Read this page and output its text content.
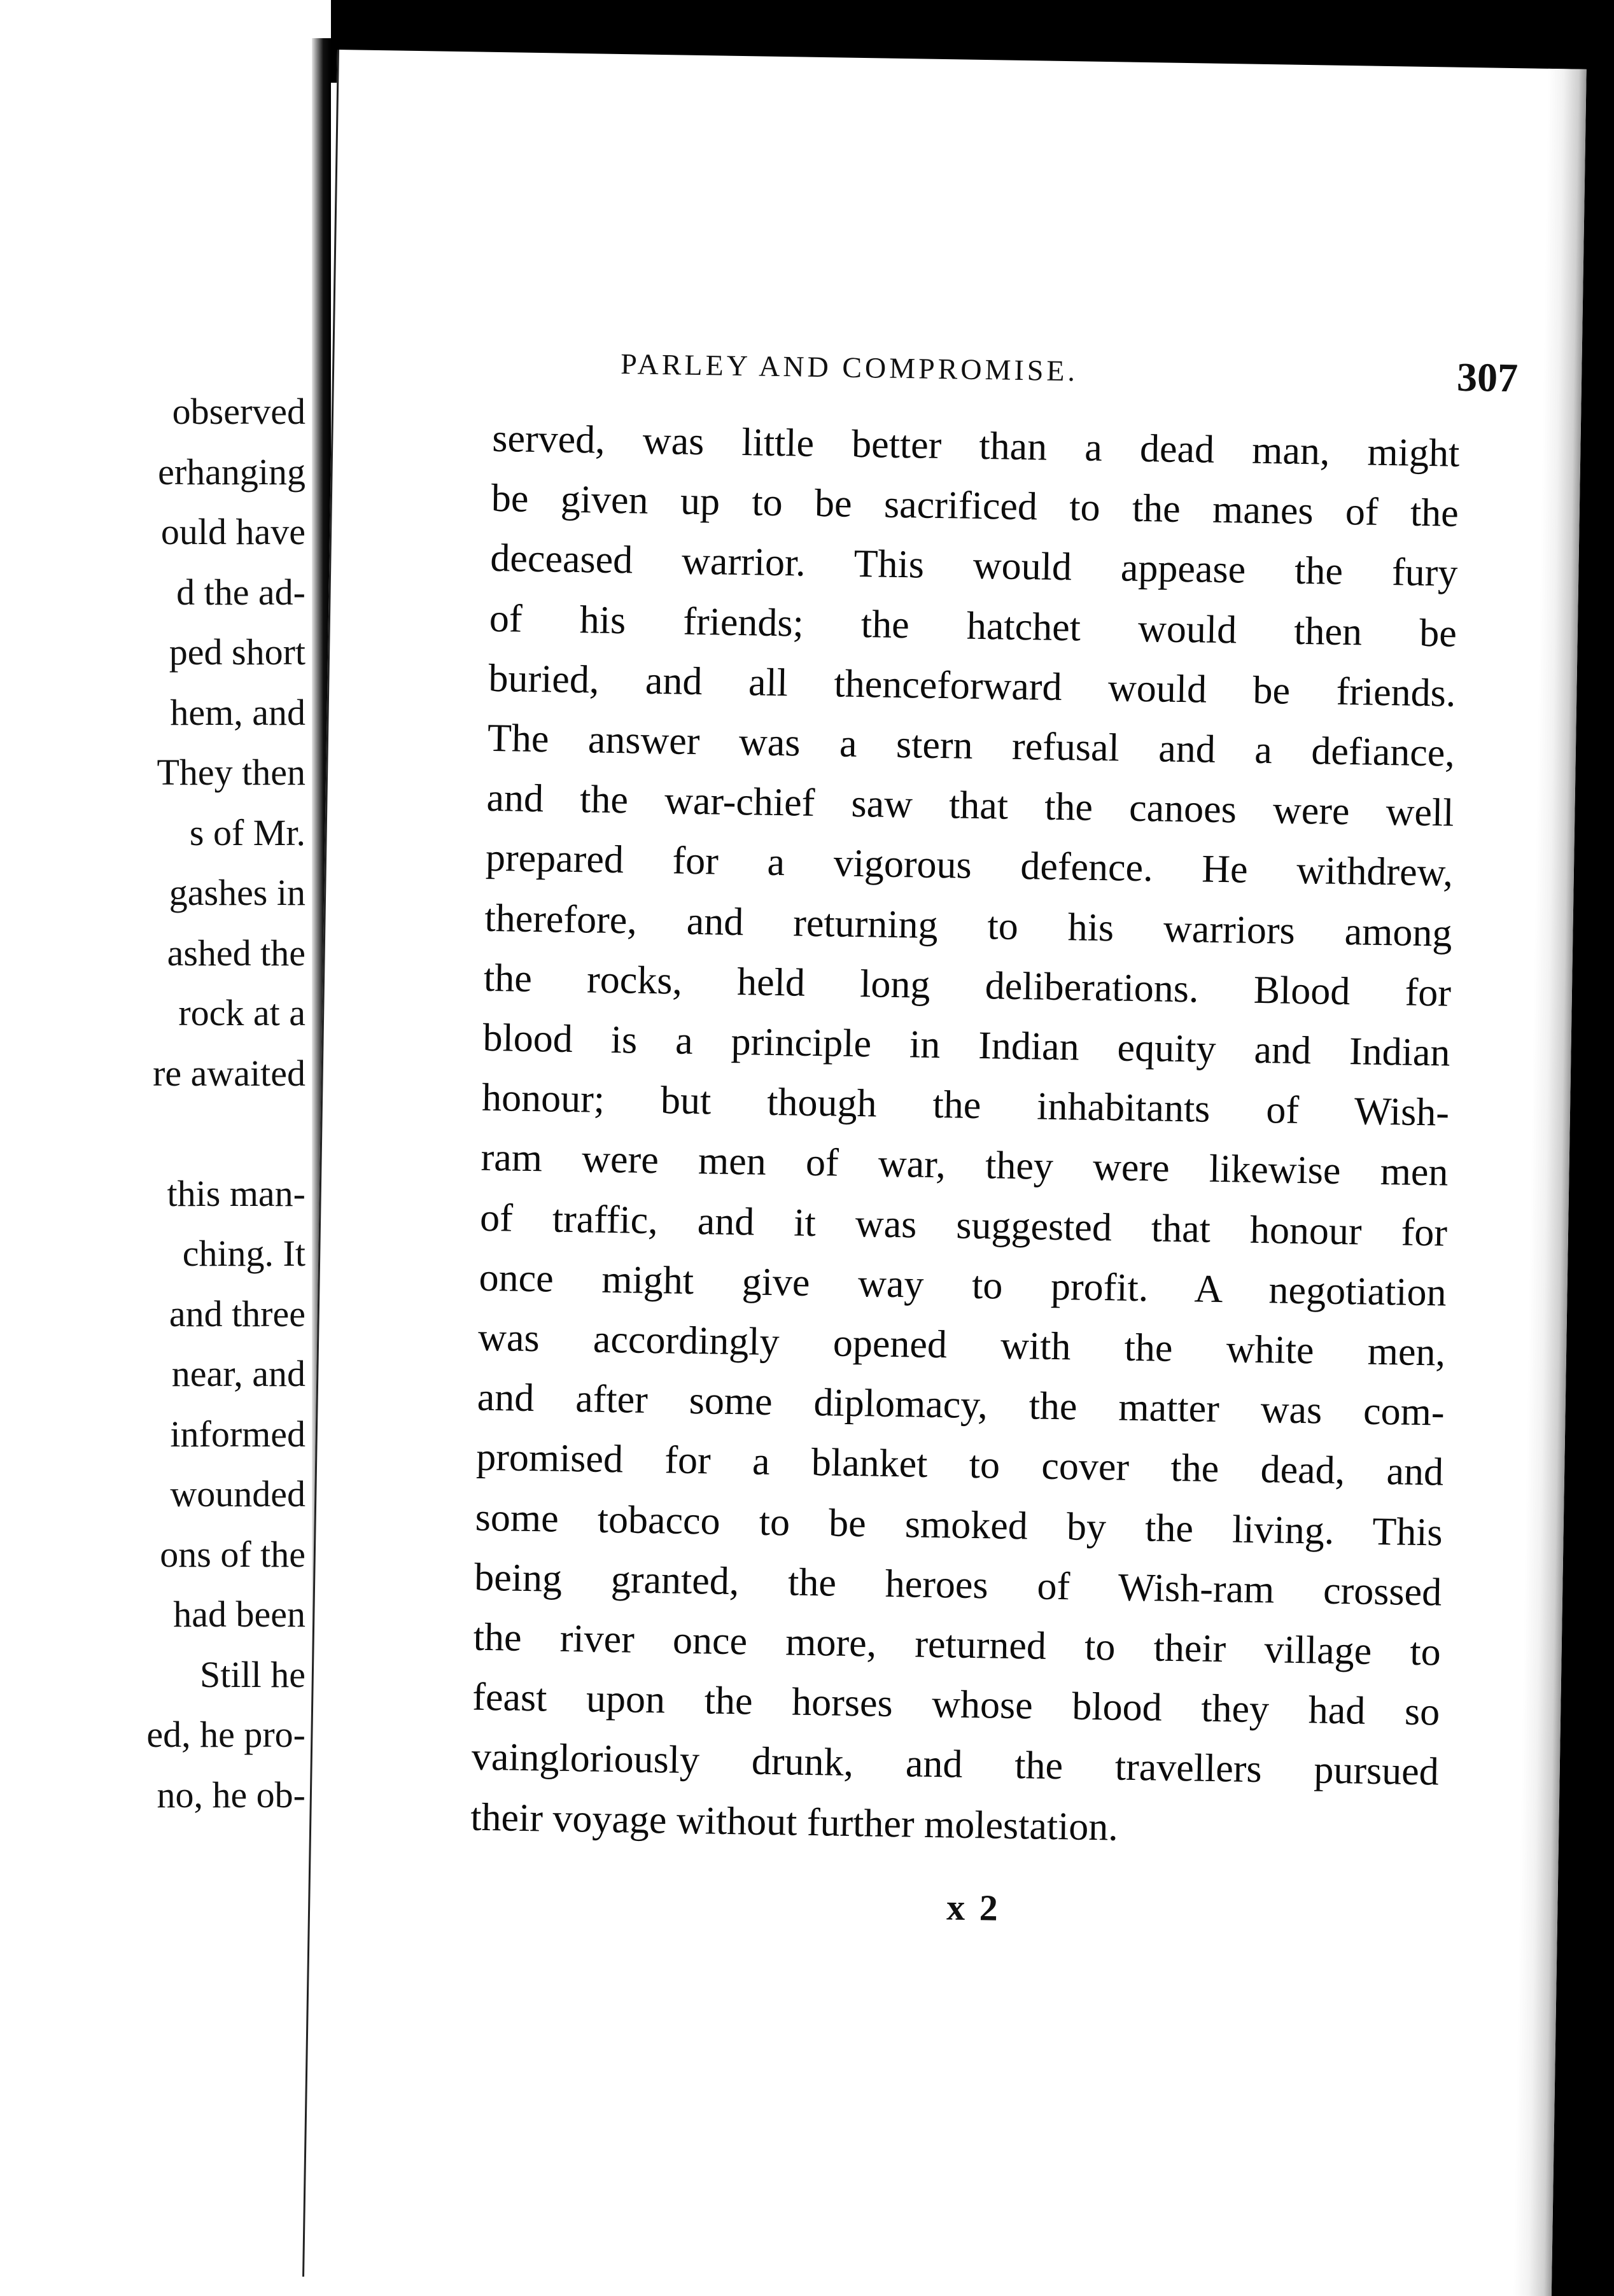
observed
erhanging
ould have
d the ad-
ped short
hem, and
They then
s of Mr.
gashes in
ashed the
rock at a
re awaited
this man-
ching. It
and three
near, and
informed
wounded
ons of the
had been
Still he
ed, he pro-
no, he ob-
PARLEY AND COMPROMISE.	307
served, was little better than a dead man, might
be given up to be sacrificed to the manes of the
deceased warrior. This would appease the fury
of his friends; the hatchet would then be
buried, and all thenceforward would be friends.
The answer was a stern refusal and a defiance,
and the war-chief saw that the canoes were well
prepared for a vigorous defence. He withdrew,
therefore, and returning to his warriors among
the rocks, held long deliberations. Blood for
blood is a principle in Indian equity and Indian
honour; but though the inhabitants of Wish-
ram were men of war, they were likewise men
of traffic, and it was suggested that honour for
once might give way to profit. A negotiation
was accordingly opened with the white men,
and after some diplomacy, the matter was com-
promised for a blanket to cover the dead, and
some tobacco to be smoked by the living. This
being granted, the heroes of Wish-ram crossed
the river once more, returned to their village to
feast upon the horses whose blood they had so
vaingloriously drunk, and the travellers pursued
their voyage without further molestation.
x 2
